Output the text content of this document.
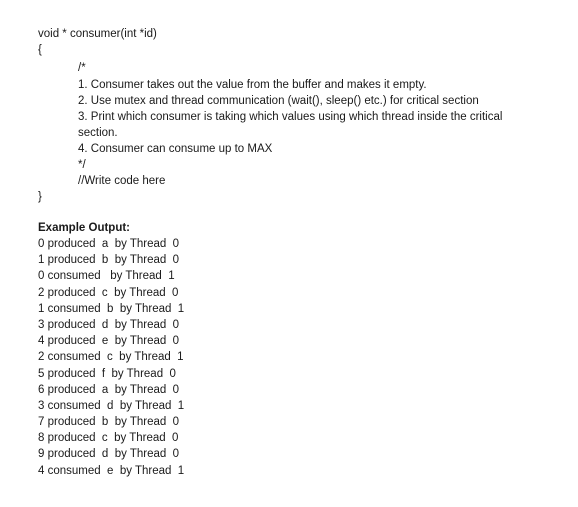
void * consumer(int *id)
{
/*
1. Consumer takes out the value from the buffer and makes it empty.
2. Use mutex and thread communication (wait(), sleep() etc.) for critical section
3. Print which consumer is taking which values using which thread inside the critical section.
4. Consumer can consume up to MAX
*/
//Write code here
}
Example Output:
0 produced  a  by Thread  0
1 produced  b  by Thread  0
0 consumed   by Thread  1
2 produced  c  by Thread  0
1 consumed  b  by Thread  1
3 produced  d  by Thread  0
4 produced  e  by Thread  0
2 consumed  c  by Thread  1
5 produced  f  by Thread  0
6 produced  a  by Thread  0
3 consumed  d  by Thread  1
7 produced  b  by Thread  0
8 produced  c  by Thread  0
9 produced  d  by Thread  0
4 consumed  e  by Thread  1
